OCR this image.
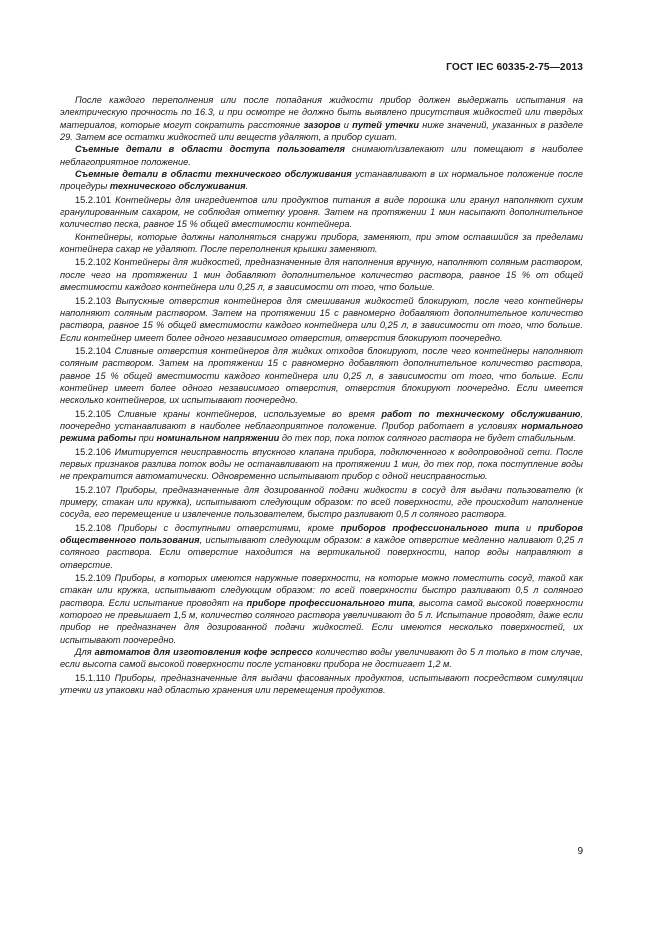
ГОСТ IEC 60335-2-75—2013

После каждого переполнения или после попадания жидкости прибор должен выдержать испытания на электрическую прочность по 16.3, и при осмотре не должно быть выявлено присутствия жидкостей или твердых материалов, которые могут сократить расстояние зазоров и путей утечки ниже значений, указанных в разделе 29. Затем все остатки жидкостей или веществ удаляют, а прибор сушат.

Съемные детали в области доступа пользователя снимают/извлекают или помещают в наиболее неблагоприятное положение.

Съемные детали в области технического обслуживания устанавливают в их нормальное положение после процедуры технического обслуживания.

15.2.101 Контейнеры для ингредиентов или продуктов питания в виде порошка или гранул наполняют сухим гранулированным сахаром, не соблюдая отметку уровня. Затем на протяжении 1 мин насыпают дополнительное количество песка, равное 15 % общей вместимости контейнера.

Контейнеры, которые должны наполняться снаружи прибора, заменяют, при этом оставшийся за пределами контейнера сахар не удаляют. После переполнения крышки заменяют.

15.2.102 Контейнеры для жидкостей, предназначенные для наполнения вручную, наполняют соляным раствором, после чего на протяжении 1 мин добавляют дополнительное количество раствора, равное 15 % от общей вместимости каждого контейнера или 0,25 л, в зависимости от того, что больше.

15.2.103 Выпускные отверстия контейнеров для смешивания жидкостей блокируют, после чего контейнеры наполняют соляным раствором. Затем на протяжении 15 с равномерно добавляют дополнительное количество раствора, равное 15 % общей вместимости каждого контейнера или 0,25 л, в зависимости от того, что больше. Если контейнер имеет более одного независимого отверстия, отверстия блокируют поочередно.

15.2.104 Сливные отверстия контейнеров для жидких отходов блокируют, после чего контейнеры наполняют соляным раствором. Затем на протяжении 15 с равномерно добавляют дополнительное количество раствора, равное 15 % общей вместимости каждого контейнера или 0,25 л, в зависимости от того, что больше. Если контейнер имеет более одного независимого отверстия, отверстия блокируют поочередно. Если имеется несколько контейнеров, их испытывают поочередно.

15.2.105 Сливные краны контейнеров, используемые во время работ по техническому обслуживанию, поочередно устанавливают в наиболее неблагоприятное положение. Прибор работает в условиях нормального режима работы при номинальном напряжении до тех пор, пока поток соляного раствора не будет стабильным.

15.2.106 Имитируется неисправность впускного клапана прибора, подключенного к водопроводной сети. После первых признаков разлива поток воды не останавливают на протяжении 1 мин, до тех пор, пока поступление воды не прекратится автоматически. Одновременно испытывают прибор с одной неисправностью.

15.2.107 Приборы, предназначенные для дозированной подачи жидкости в сосуд для выдачи пользователю (к примеру, стакан или кружка), испытывают следующим образом: по всей поверхности, где происходит наполнение сосуда, его перемещение и извлечение пользователем, быстро разливают 0,5 л соляного раствора.

15.2.108 Приборы с доступными отверстиями, кроме приборов профессионального типа и приборов общественного пользования, испытывают следующим образом: в каждое отверстие медленно наливают 0,25 л соляного раствора. Если отверстие находится на вертикальной поверхности, напор воды направляют в отверстие.

15.2.109 Приборы, в которых имеются наружные поверхности, на которые можно поместить сосуд, такой как стакан или кружка, испытывают следующим образом: по всей поверхности быстро разливают 0,5 л соляного раствора. Если испытание проводят на приборе профессионального типа, высота самой высокой поверхности которого не превышает 1,5 м, количество соляного раствора увеличивают до 5 л. Испытание проводят, даже если прибор не предназначен для дозированной подачи жидкостей. Если имеются несколько поверхностей, их испытывают поочередно.

Для автоматов для изготовления кофе эспрессо количество воды увеличивают до 5 л только в том случае, если высота самой высокой поверхности после установки прибора не достигает 1,2 м.

15.1.110 Приборы, предназначенные для выдачи фасованных продуктов, испытывают посредством симуляции утечки из упаковки над областью хранения или перемещения продуктов.

9
